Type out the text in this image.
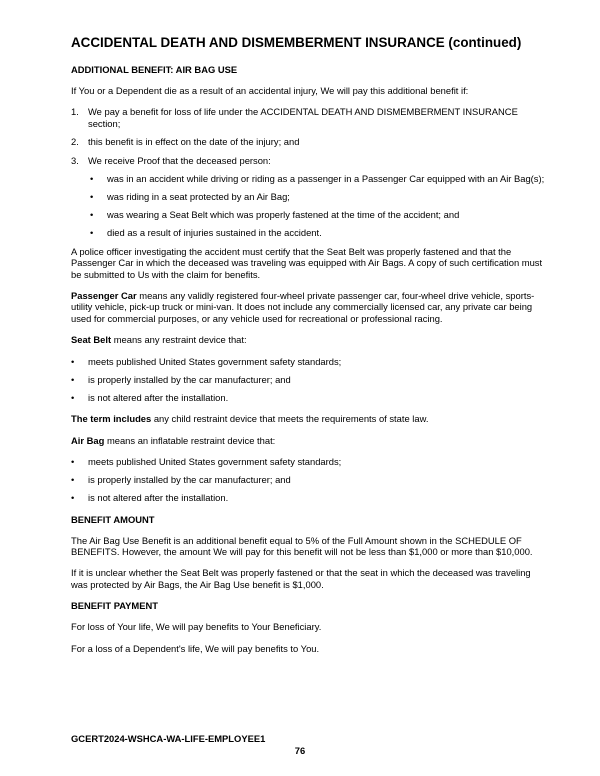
ACCIDENTAL DEATH AND DISMEMBERMENT INSURANCE (continued)
ADDITIONAL BENEFIT: AIR BAG USE

If You or a Dependent die as a result of an accidental injury, We will pay this additional benefit if:

1. We pay a benefit for loss of life under the ACCIDENTAL DEATH AND DISMEMBERMENT INSURANCE section;
2. this benefit is in effect on the date of the injury; and
3. We receive Proof that the deceased person:
• was in an accident while driving or riding as a passenger in a Passenger Car equipped with an Air Bag(s);
• was riding in a seat protected by an Air Bag;
• was wearing a Seat Belt which was properly fastened at the time of the accident; and
• died as a result of injuries sustained in the accident.

A police officer investigating the accident must certify that the Seat Belt was properly fastened and that the Passenger Car in which the deceased was traveling was equipped with Air Bags. A copy of such certification must be submitted to Us with the claim for benefits.

Passenger Car means any validly registered four-wheel private passenger car, four-wheel drive vehicle, sports-utility vehicle, pick-up truck or mini-van. It does not include any commercially licensed car, any private car being used for commercial purposes, or any vehicle used for recreational or professional racing.

Seat Belt means any restraint device that:

• meets published United States government safety standards;
• is properly installed by the car manufacturer; and
• is not altered after the installation.

The term includes any child restraint device that meets the requirements of state law.

Air Bag means an inflatable restraint device that:

• meets published United States government safety standards;
• is properly installed by the car manufacturer; and
• is not altered after the installation.
BENEFIT AMOUNT

The Air Bag Use Benefit is an additional benefit equal to 5% of the Full Amount shown in the SCHEDULE OF BENEFITS. However, the amount We will pay for this benefit will not be less than $1,000 or more than $10,000.

If it is unclear whether the Seat Belt was properly fastened or that the seat in which the deceased was traveling was protected by Air Bags, the Air Bag Use benefit is $1,000.

BENEFIT PAYMENT

For loss of Your life, We will pay benefits to Your Beneficiary.

For a loss of a Dependent's life, We will pay benefits to You.

GCERT2024-WSHCA-WA-LIFE-EMPLOYEE1
76
